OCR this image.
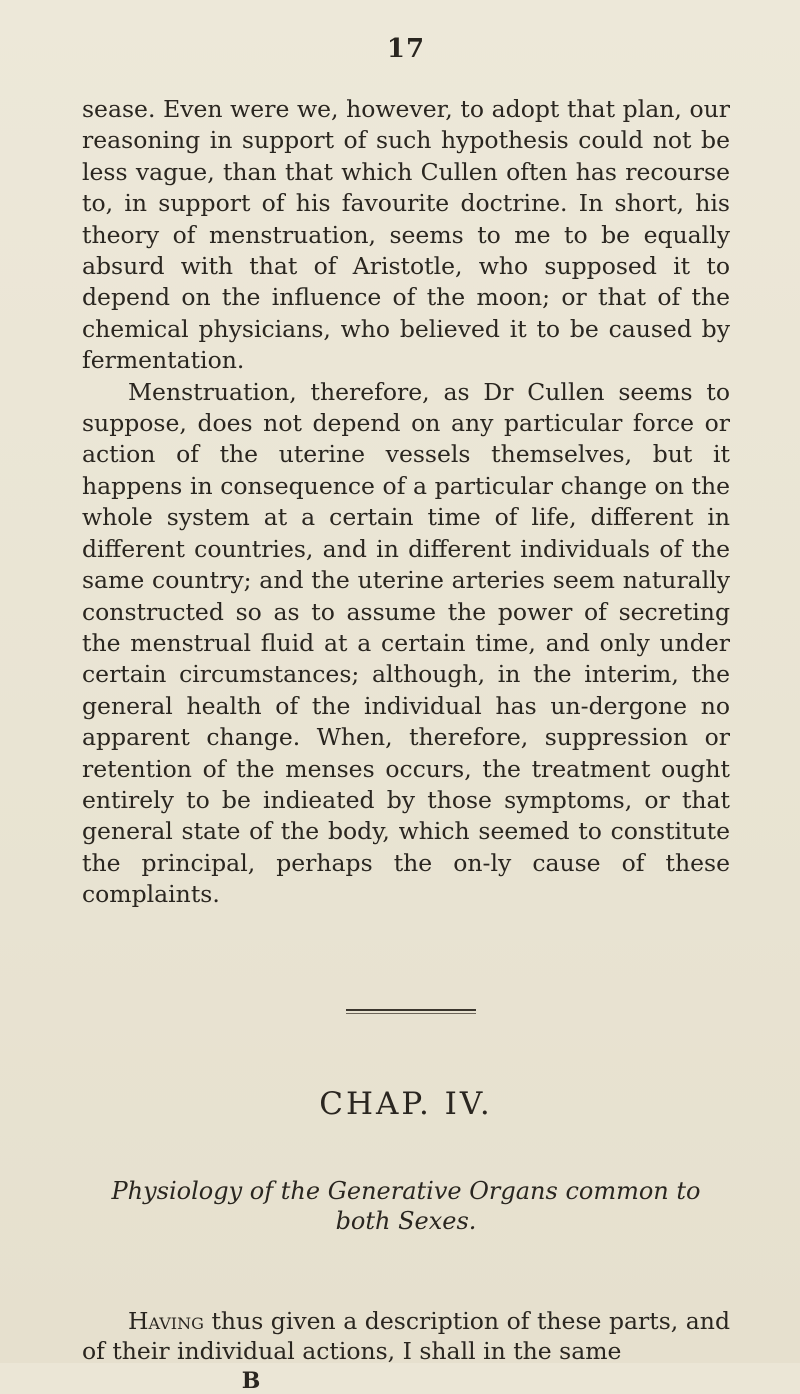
17
sease. Even were we, however, to adopt that plan, our reasoning in support of such hypothesis could not be less vague, than that which Cullen often has recourse to, in support of his favourite doctrine. In short, his theory of menstruation, seems to me to be equally absurd with that of Aristotle, who supposed it to depend on the influence of the moon; or that of the chemical physicians, who believed it to be caused by fermentation.
Menstruation, therefore, as Dr Cullen seems to suppose, does not depend on any particular force or action of the uterine vessels themselves, but it happens in consequence of a particular change on the whole system at a certain time of life, different in different countries, and in different individuals of the same country; and the uterine arteries seem naturally constructed so as to assume the power of secreting the menstrual fluid at a certain time, and only under certain circumstances; although, in the interim, the general health of the individual has un-dergone no apparent change. When, therefore, suppression or retention of the menses occurs, the treatment ought entirely to be indieated by those symptoms, or that general state of the body, which seemed to constitute the principal, perhaps the on-ly cause of these complaints.
CHAP. IV.
Physiology of the Generative Organs common to both Sexes.
Having thus given a description of these parts, and of their individual actions, I shall in the same
B
